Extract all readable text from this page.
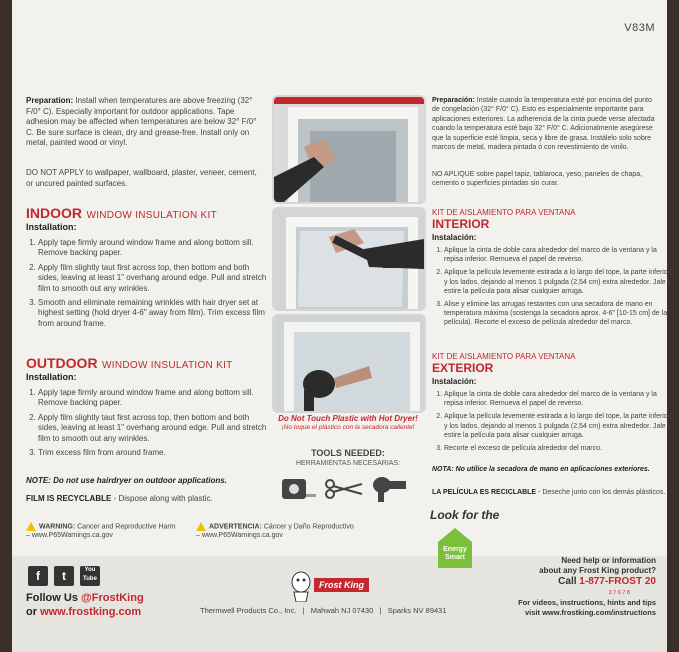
V83M
Preparation: Install when temperatures are above freezing (32° F/0° C). Especially important for outdoor applications. Tape adhesion may be affected when temperatures are below 32° F/0° C. Be sure surface is clean, dry and grease-free. Install only on metal, painted wood or vinyl.
DO NOT APPLY to wallpaper, wallboard, plaster, veneer, cement, or uncured painted surfaces.
INDOOR WINDOW INSULATION KIT
Installation:
1. Apply tape firmly around window frame and along bottom sill. Remove backing paper.
2. Apply film slightly taut first across top, then bottom and both sides, leaving at least 1" overhang around edge. Pull and stretch film to smooth out any wrinkles.
3. Smooth and eliminate remaining wrinkles with hair dryer set at highest setting (hold dryer 4-6" away from film). Trim excess film from around frame.
OUTDOOR WINDOW INSULATION KIT
Installation:
1. Apply tape firmly around window frame and along bottom sill. Remove backing paper.
2. Apply film slightly taut first across top, then bottom and both sides, leaving at least 1" overhang around edge. Pull and stretch film to smooth out any wrinkles.
3. Trim excess film from around frame.
NOTE: Do not use hairdryer on outdoor applications.
FILM IS RECYCLABLE - Dispose along with plastic.
WARNING: Cancer and Reproductive Harm
– www.P65Warnings.ca.gov
Do Not Touch Plastic with Hot Dryer!
¡No toque el plástico con la secadora caliente!
TOOLS NEEDED:
HERRAMIENTAS NECESARIAS:
Preparación: Instale cuando la temperatura esté por encima del punto de congelación (32° F/0° C). Esto es especialmente importante para aplicaciones exteriores. La adherencia de la cinta puede verse afectada cuando la temperatura esté bajo 32° F/0° C. Adicionalmente asegúrese que la superficie esté limpia, seca y libre de grasa. Instálelo solo sobre marcos de metal, madera pintada ó con revestimiento de vinilo.
NO APLIQUE sobre papel tapiz, tablaroca, yeso, paneles de chapa, cemento o superficies pintadas sin curar.
KIT DE AISLAMIENTO PARA VENTANA
INTERIOR
Instalación:
1. Aplique la cinta de doble cara alrededor del marco de la ventana y la repisa inferior. Remueva el papel de reverso.
2. Aplique la película levemente estirada a lo largo del tope, la parte inferior, y los lados, dejando al menos 1 pulgada (2,54 cm) extra alrededor. Jale y estire la película para alisar cualquier arruga.
3. Alise y elimine las arrugas restantes con una secadora de mano en temperatura máxima (sostenga la secadora aprox. 4-6" [10-15 cm] de la película). Recorte el exceso de película alrededor del marco.
KIT DE AISLAMIENTO PARA VENTANA
EXTERIOR
Instalación:
1. Aplique la cinta de doble cara alrededor del marco de la ventana y la repisa inferior. Remueva el papel de reverso.
2. Aplique la película levemente estirada a lo largo del tope, la parte inferior, y los lados, dejando al menos 1 pulgada (2,54 cm) extra alrededor. Jale y estire la película para alisar cualquier arruga.
3. Recorte el exceso de película alrededor del marco.
NOTA: No utilice la secadora de mano en aplicaciones exteriores.
LA PELÍCULA ES RECICLABLE - Deseche junto con los demás plásticos.
ADVERTENCIA: Cáncer y Daño Reproductivo
– www.P65Warnings.ca.gov
Look for the
Energy
Smart
f	t	You Tube
Follow Us @FrostKing
or www.frostking.com
Frost King
Thermwell Products Co., Inc.   |   Mahwah NJ 07430   |   Sparks NV 89431
Need help or information
about any Frost King product?
Call 1-877-FROST 20
3 7 6 7 8
For videos, instructions, hints and tips
visit www.frostking.com/instructions
